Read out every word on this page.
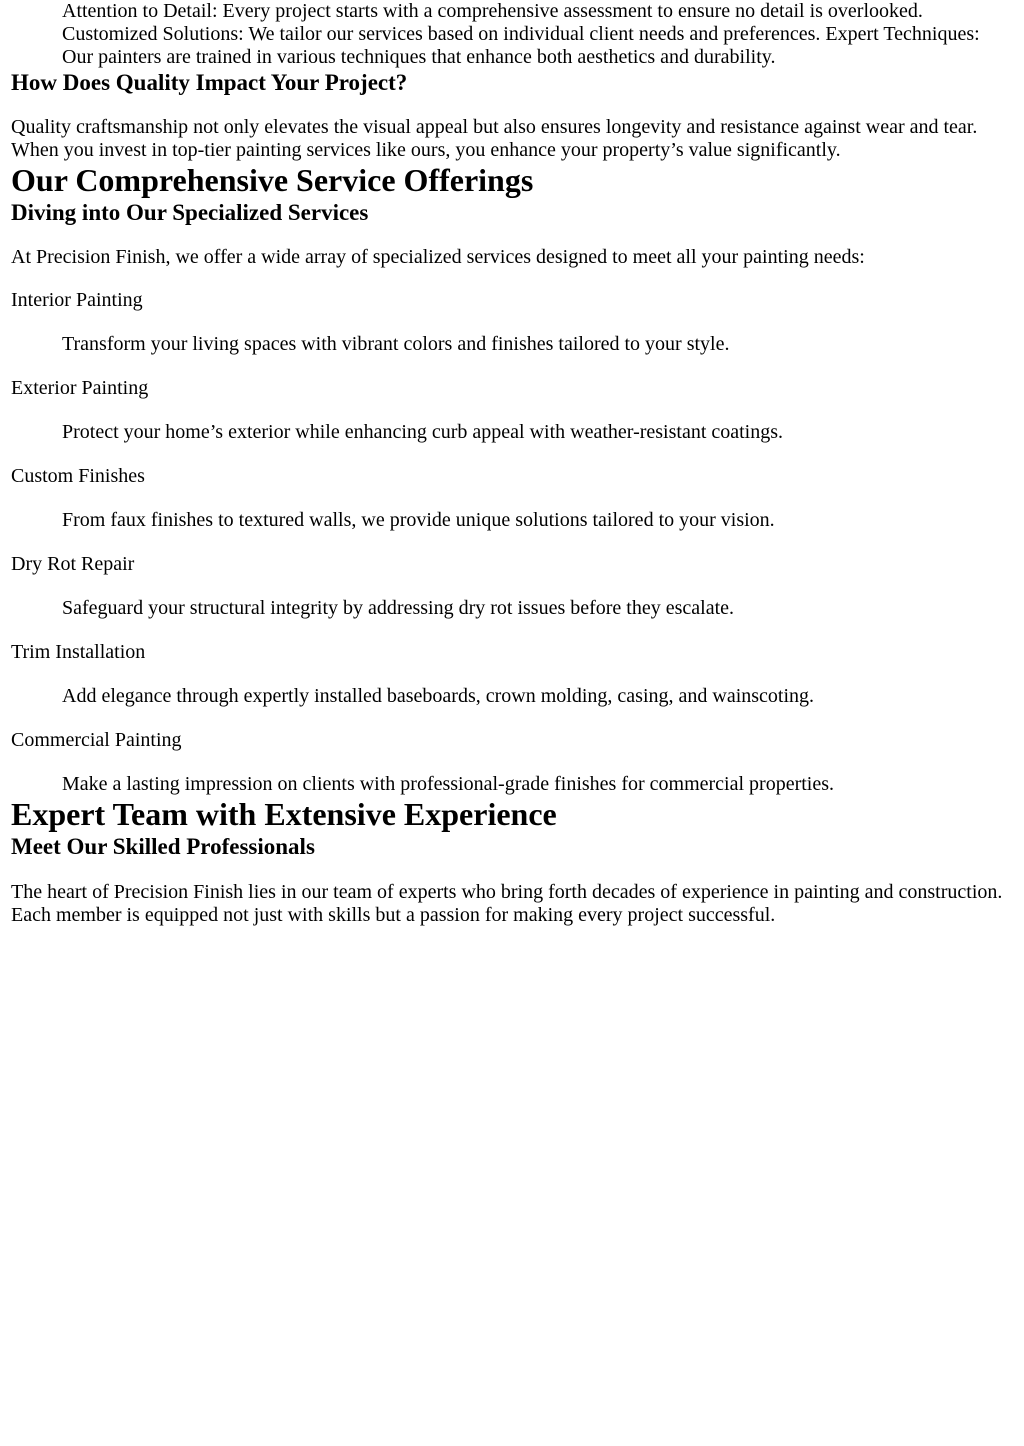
Attention to Detail: Every project starts with a comprehensive assessment to ensure no detail is overlooked. Customized Solutions: We tailor our services based on individual client needs and preferences. Expert Techniques: Our painters are trained in various techniques that enhance both aesthetics and durability.
How Does Quality Impact Your Project?

Quality craftsmanship not only elevates the visual appeal but also ensures longevity and resistance against wear and tear. When you invest in top-tier painting services like ours, you enhance your property’s value significantly.

Our Comprehensive Service Offerings
Diving into Our Specialized Services

At Precision Finish, we offer a wide array of specialized services designed to meet all your painting needs:

Interior Painting
Transform your living spaces with vibrant colors and finishes tailored to your style.
Exterior Painting
Protect your home’s exterior while enhancing curb appeal with weather-resistant coatings.
Custom Finishes
From faux finishes to textured walls, we provide unique solutions tailored to your vision.
Dry Rot Repair
Safeguard your structural integrity by addressing dry rot issues before they escalate.
Trim Installation
Add elegance through expertly installed baseboards, crown molding, casing, and wainscoting.
Commercial Painting
Make a lasting impression on clients with professional-grade finishes for commercial properties.
Expert Team with Extensive Experience
Meet Our Skilled Professionals

The heart of Precision Finish lies in our team of experts who bring forth decades of experience in painting and construction. Each member is equipped not just with skills but a passion for making every project successful.
